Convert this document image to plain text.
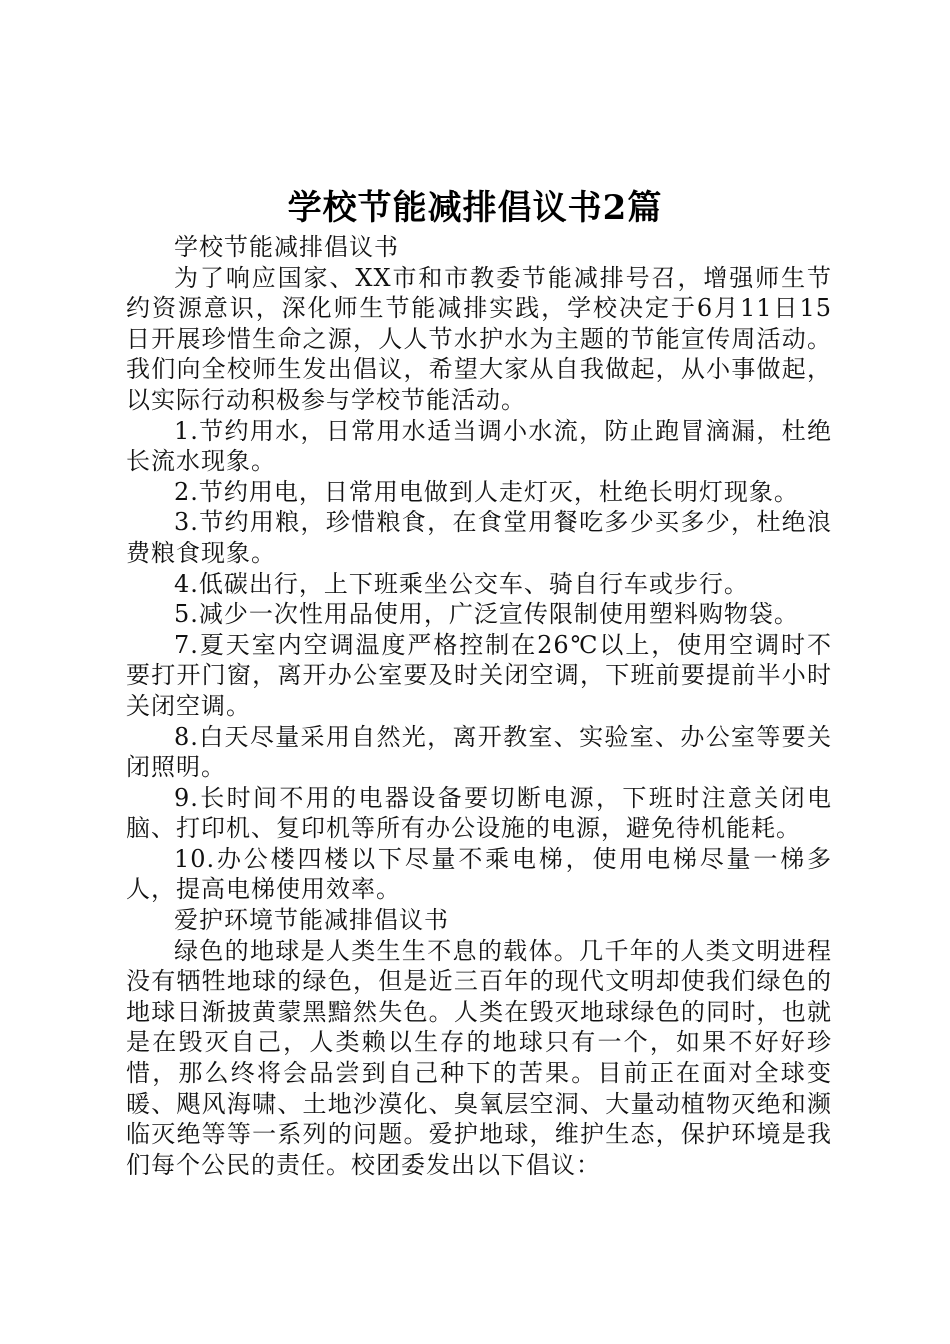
学校节能减排倡议书2篇

学校节能减排倡议书

为了响应国家、XX市和市教委节能减排号召，增强师生节约资源意识，深化师生节能减排实践，学校决定于6月11日15日开展珍惜生命之源，人人节水护水为主题的节能宣传周活动。我们向全校师生发出倡议，希望大家从自我做起，从小事做起，以实际行动积极参与学校节能活动。

1.节约用水，日常用水适当调小水流，防止跑冒滴漏，杜绝长流水现象。

2.节约用电，日常用电做到人走灯灭，杜绝长明灯现象。

3.节约用粮，珍惜粮食，在食堂用餐吃多少买多少，杜绝浪费粮食现象。

4.低碳出行，上下班乘坐公交车、骑自行车或步行。

5.减少一次性用品使用，广泛宣传限制使用塑料购物袋。

7.夏天室内空调温度严格控制在26℃以上，使用空调时不要打开门窗，离开办公室要及时关闭空调，下班前要提前半小时关闭空调。

8.白天尽量采用自然光，离开教室、实验室、办公室等要关闭照明。

9.长时间不用的电器设备要切断电源，下班时注意关闭电脑、打印机、复印机等所有办公设施的电源，避免待机能耗。

10.办公楼四楼以下尽量不乘电梯，使用电梯尽量一梯多人，提高电梯使用效率。

爱护环境节能减排倡议书

绿色的地球是人类生生不息的载体。几千年的人类文明进程没有牺牲地球的绿色，但是近三百年的现代文明却使我们绿色的地球日渐披黄蒙黑黯然失色。人类在毁灭地球绿色的同时，也就是在毁灭自己，人类赖以生存的地球只有一个，如果不好好珍惜，那么终将会品尝到自己种下的苦果。目前正在面对全球变暖、飓风海啸、土地沙漠化、臭氧层空洞、大量动植物灭绝和濒临灭绝等等一系列的问题。爱护地球，维护生态，保护环境是我们每个公民的责任。校团委发出以下倡议：
